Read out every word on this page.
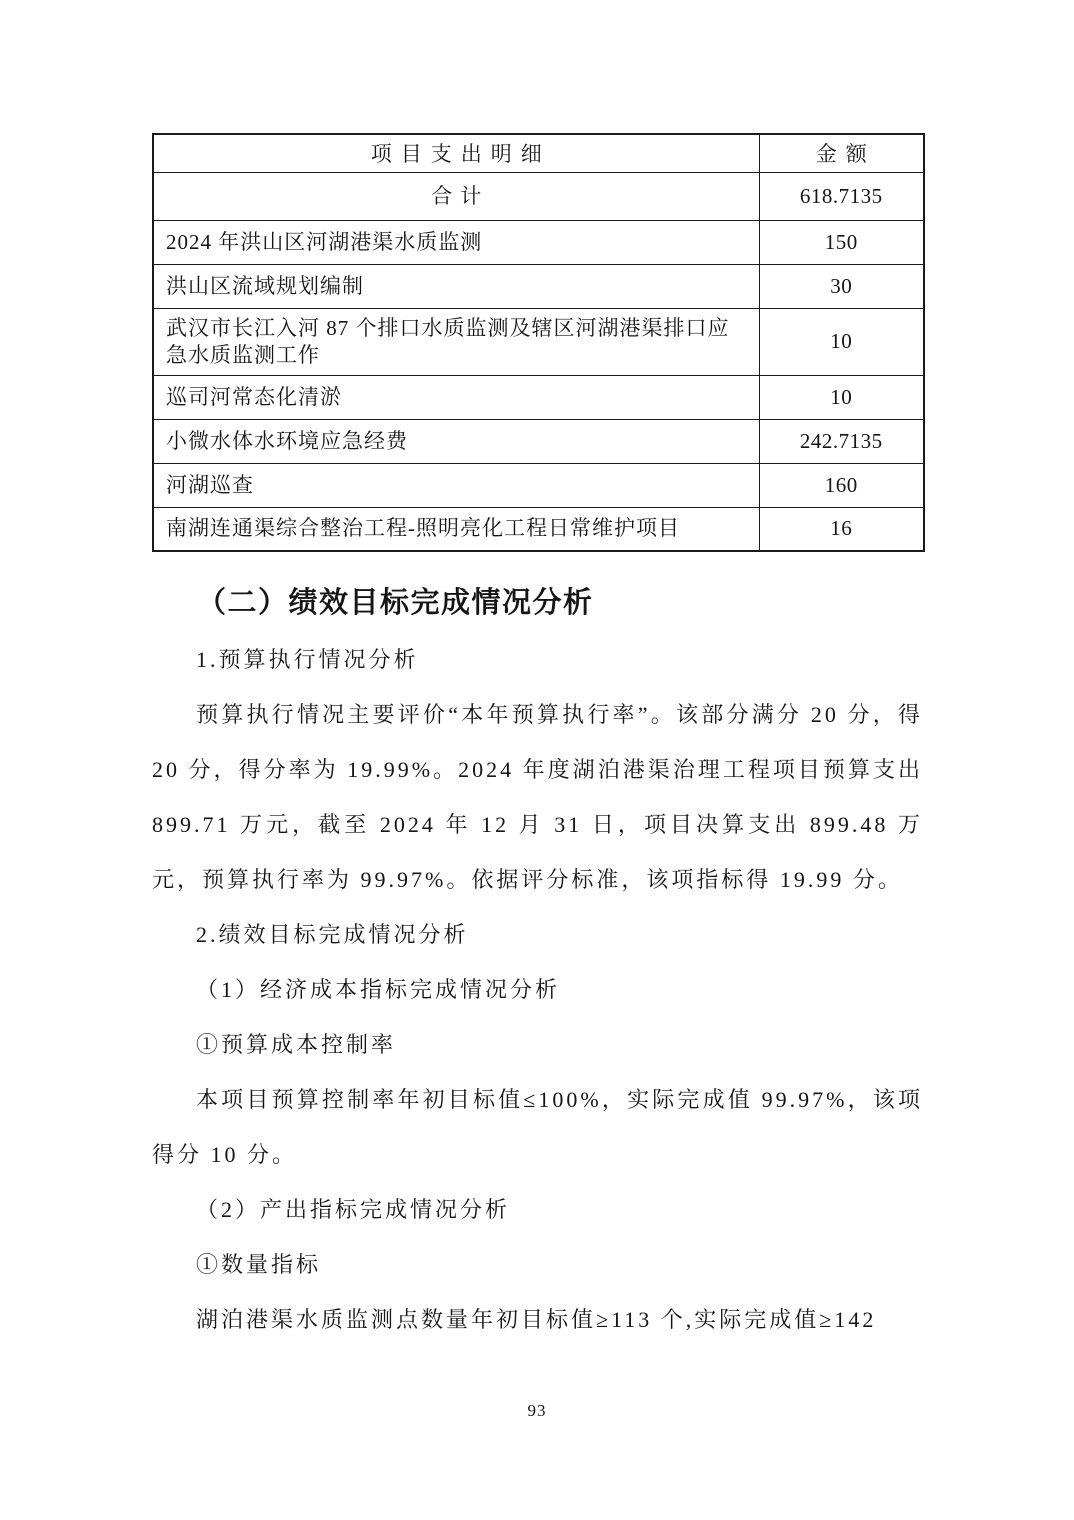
项目支出明细	金额
合计	618.7135
2024 年洪山区河湖港渠水质监测	150
洪山区流域规划编制	30
武汉市长江入河 87 个排口水质监测及辖区河湖港渠排口应急水质监测工作	10
巡司河常态化清淤	10
小微水体水环境应急经费	242.7135
河湖巡查	160
南湖连通渠综合整治工程-照明亮化工程日常维护项目	16
（二）绩效目标完成情况分析

1.预算执行情况分析

预算执行情况主要评价“本年预算执行率”。该部分满分 20 分，得 20 分，得分率为 19.99%。2024 年度湖泊港渠治理工程项目预算支出 899.71 万元，截至 2024 年 12 月 31 日，项目决算支出 899.48 万元，预算执行率为 99.97%。依据评分标准，该项指标得 19.99 分。

2.绩效目标完成情况分析

（1）经济成本指标完成情况分析

①预算成本控制率

本项目预算控制率年初目标值≤100%，实际完成值 99.97%，该项得分 10 分。

（2）产出指标完成情况分析

①数量指标

湖泊港渠水质监测点数量年初目标值≥113 个,实际完成值≥142

93
